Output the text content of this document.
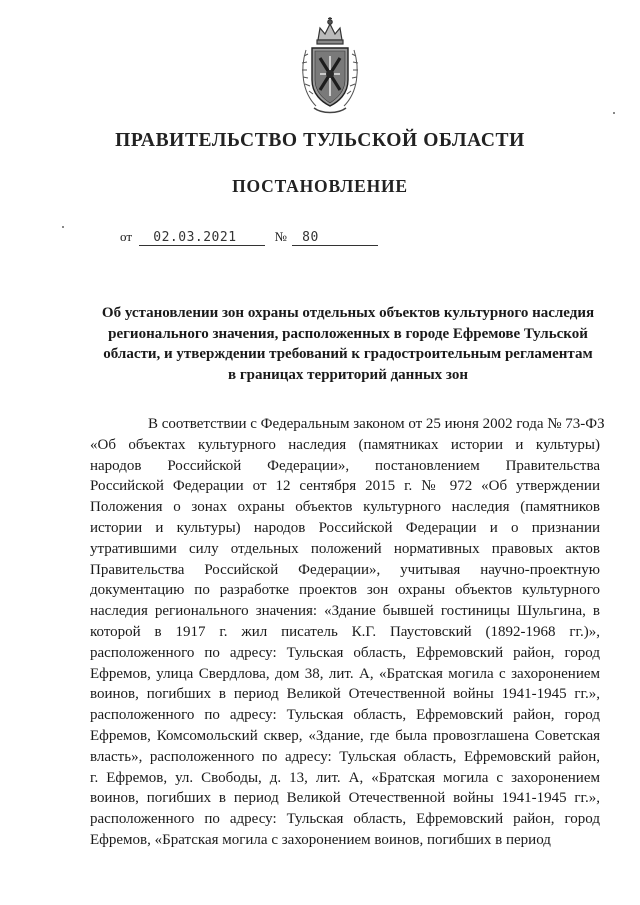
ПРАВИТЕЛЬСТВО ТУЛЬСКОЙ ОБЛАСТИ
ПОСТАНОВЛЕНИЕ
от 02.03.2021	№ 80
Об установлении зон охраны отдельных объектов культурного наследия
регионального значения, расположенных в городе Ефремове Тульской
области, и утверждении требований к градостроительным регламентам
в границах территорий данных зон
В соответствии с Федеральным законом от 25 июня 2002 года № 73-ФЗ
«Об объектах культурного наследия (памятниках истории и культуры)
народов Российской Федерации», постановлением Правительства
Российской Федерации от 12 сентября 2015 г. № 972 «Об утверждении
Положения о зонах охраны объектов культурного наследия (памятников
истории и культуры) народов Российской Федерации и о признании
утратившими силу отдельных положений нормативных правовых актов
Правительства Российской Федерации», учитывая научно-проектную
документацию по разработке проектов зон охраны объектов культурного
наследия регионального значения: «Здание бывшей гостиницы Шульгина, в
которой в 1917 г. жил писатель К.Г. Паустовский (1892-1968 гг.)»,
расположенного по адресу: Тульская область, Ефремовский район, город
Ефремов, улица Свердлова, дом 38, лит. А, «Братская могила с захоронением
воинов, погибших в период Великой Отечественной войны 1941-1945 гг.»,
расположенного по адресу: Тульская область, Ефремовский район, город
Ефремов, Комсомольский сквер, «Здание, где была провозглашена Советская
власть», расположенного по адресу: Тульская область, Ефремовский район,
г. Ефремов, ул. Свободы, д. 13, лит. А, «Братская могила с захоронением
воинов, погибших в период Великой Отечественной войны 1941-1945 гг.»,
расположенного по адресу: Тульская область, Ефремовский район, город
Ефремов, «Братская могила с захоронением воинов, погибших в период
